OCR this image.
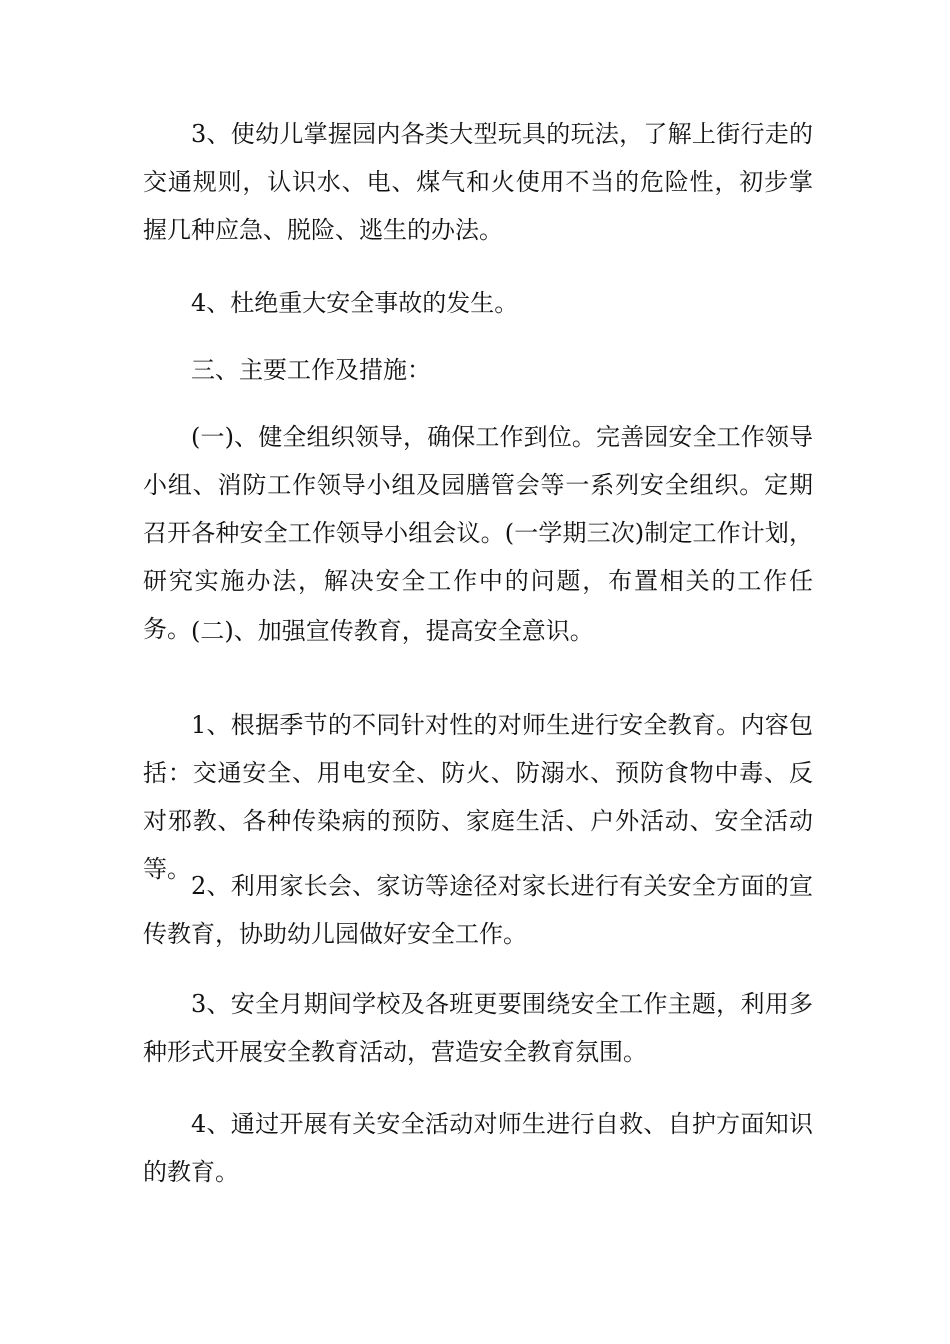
3、使幼儿掌握园内各类大型玩具的玩法，了解上街行走的交通规则，认识水、电、煤气和火使用不当的危险性，初步掌握几种应急、脱险、逃生的办法。

4、杜绝重大安全事故的发生。

三、主要工作及措施：

(一)、健全组织领导，确保工作到位。完善园安全工作领导小组、消防工作领导小组及园膳管会等一系列安全组织。定期召开各种安全工作领导小组会议。(一学期三次)制定工作计划，研究实施办法，解决安全工作中的问题，布置相关的工作任务。 (二)、加强宣传教育，提高安全意识。

1、根据季节的不同针对性的对师生进行安全教育。内容包括：交通安全、用电安全、防火、防溺水、预防食物中毒、反对邪教、各种传染病的预防、家庭生活、户外活动、安全活动等。

2、利用家长会、家访等途径对家长进行有关安全方面的宣传教育，协助幼儿园做好安全工作。

3、安全月期间学校及各班更要围绕安全工作主题，利用多种形式开展安全教育活动，营造安全教育氛围。

4、通过开展有关安全活动对师生进行自救、自护方面知识的教育。
